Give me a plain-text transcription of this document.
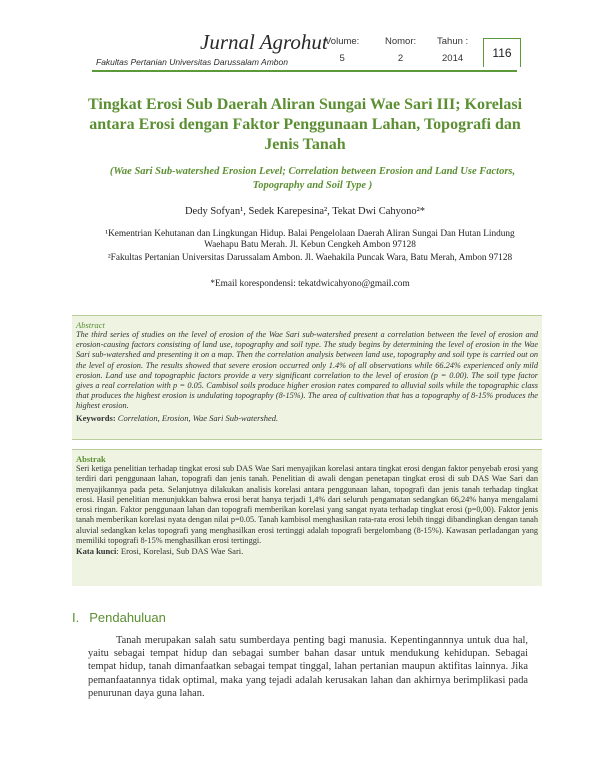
Jurnal Agrohut
Fakultas Pertanian Universitas Darussalam Ambon
Volume:
5
Nomor:
2
Tahun :
2014	116
Tingkat Erosi Sub Daerah Aliran Sungai Wae Sari III; Korelasi antara Erosi dengan Faktor Penggunaan Lahan, Topografi dan Jenis Tanah
(Wae Sari Sub-watershed Erosion Level; Correlation between Erosion and Land Use Factors, Topography and Soil Type )
Dedy Sofyan¹, Sedek Karepesina², Tekat Dwi Cahyono²*
¹Kementrian Kehutanan dan Lingkungan Hidup. Balai Pengelolaan Daerah Aliran Sungai Dan Hutan Lindung Waehapu Batu Merah. Jl. Kebun Cengkeh Ambon 97128
²Fakultas Pertanian Universitas Darussalam Ambon. Jl. Waehakila Puncak Wara, Batu Merah, Ambon 97128
*Email korespondensi: tekatdwicahyono@gmail.com
Abstract
The third series of studies on the level of erosion of the Wae Sari sub-watershed present a correlation between the level of erosion and erosion-causing factors consisting of land use, topography and soil type. The study begins by determining the level of erosion in the Wae Sari sub-watershed and presenting it on a map. Then the correlation analysis between land use, topography and soil type is carried out on the level of erosion. The results showed that severe erosion occurred only 1.4% of all observations while 66.24% experienced only mild erosion. Land use and topographic factors provide a very significant correlation to the level of erosion (p = 0.00). The soil type factor gives a real correlation with p = 0.05. Cambisol soils produce higher erosion rates compared to alluvial soils while the topographic class that produces the highest erosion is undulating topography (8-15%). The area of cultivation that has a topography of 8-15% produces the highest erosion.
Keywords: Correlation, Erosion, Wae Sari Sub-watershed.
Abstrak
Seri ketiga penelitian terhadap tingkat erosi sub DAS Wae Sari menyajikan korelasi antara tingkat erosi dengan faktor penyebab erosi yang terdiri dari penggunaan lahan, topografi dan jenis tanah. Penelitian di awali dengan penetapan tingkat erosi di sub DAS Wae Sari dan menyajikannya pada peta. Selanjutnya dilakukan analisis korelasi antara penggunaan lahan, topografi dan jenis tanah terhadap tingkat erosi. Hasil penelitian menunjukkan bahwa erosi berat hanya terjadi 1,4% dari seluruh pengamatan sedangkan 66,24% hanya mengalami erosi ringan. Faktor penggunaan lahan dan topografi memberikan korelasi yang sangat nyata terhadap tingkat erosi (p=0,00). Faktor jenis tanah memberikan korelasi nyata dengan nilai p=0.05. Tanah kambisol menghasikan rata-rata erosi lebih tinggi dibandingkan dengan tanah aluvial sedangkan kelas topografi yang menghasilkan erosi tertinggi adalah topografi bergelombang (8-15%). Kawasan perladangan yang memiliki topografi 8-15% menghasilkan erosi tertinggi.
Kata kunci: Erosi, Korelasi, Sub DAS Wae Sari.
I. Pendahuluan
Tanah merupakan salah satu sumberdaya penting bagi manusia. Kepentingannnya untuk dua hal, yaitu sebagai tempat hidup dan sebagai sumber bahan dasar untuk mendukung kehidupan. Sebagai tempat hidup, tanah dimanfaatkan sebagai tempat tinggal, lahan pertanian maupun aktifitas lainnya. Jika pemanfaatannya tidak optimal, maka yang tejadi adalah kerusakan lahan dan akhirnya berimplikasi pada penurunan daya guna lahan.
